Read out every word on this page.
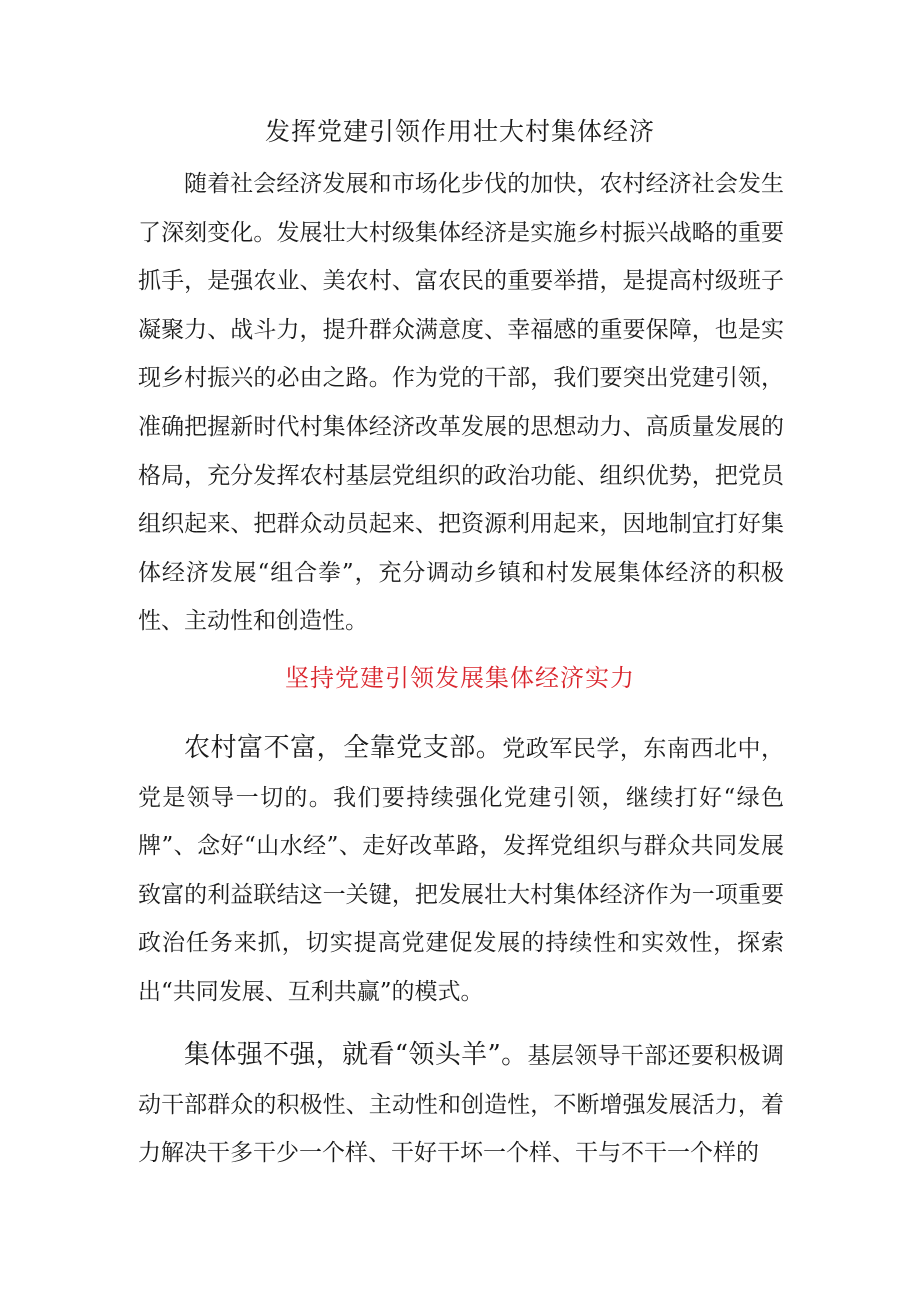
发挥党建引领作用壮大村集体经济

随着社会经济发展和市场化步伐的加快，农村经济社会发生了深刻变化。发展壮大村级集体经济是实施乡村振兴战略的重要抓手，是强农业、美农村、富农民的重要举措，是提高村级班子凝聚力、战斗力，提升群众满意度、幸福感的重要保障，也是实现乡村振兴的必由之路。作为党的干部，我们要突出党建引领，准确把握新时代村集体经济改革发展的思想动力、高质量发展的格局，充分发挥农村基层党组织的政治功能、组织优势，把党员组织起来、把群众动员起来、把资源利用起来，因地制宜打好集体经济发展“组合拳”，充分调动乡镇和村发展集体经济的积极性、主动性和创造性。

坚持党建引领发展集体经济实力

农村富不富，全靠党支部。党政军民学，东南西北中，党是领导一切的。我们要持续强化党建引领，继续打好“绿色牌”、念好“山水经”、走好改革路，发挥党组织与群众共同发展致富的利益联结这一关键，把发展壮大村集体经济作为一项重要政治任务来抓，切实提高党建促发展的持续性和实效性，探索出“共同发展、互利共赢”的模式。

集体强不强，就看“领头羊”。基层领导干部还要积极调动干部群众的积极性、主动性和创造性，不断增强发展活力，着力解决干多干少一个样、干好干坏一个样、干与不干一个样的
